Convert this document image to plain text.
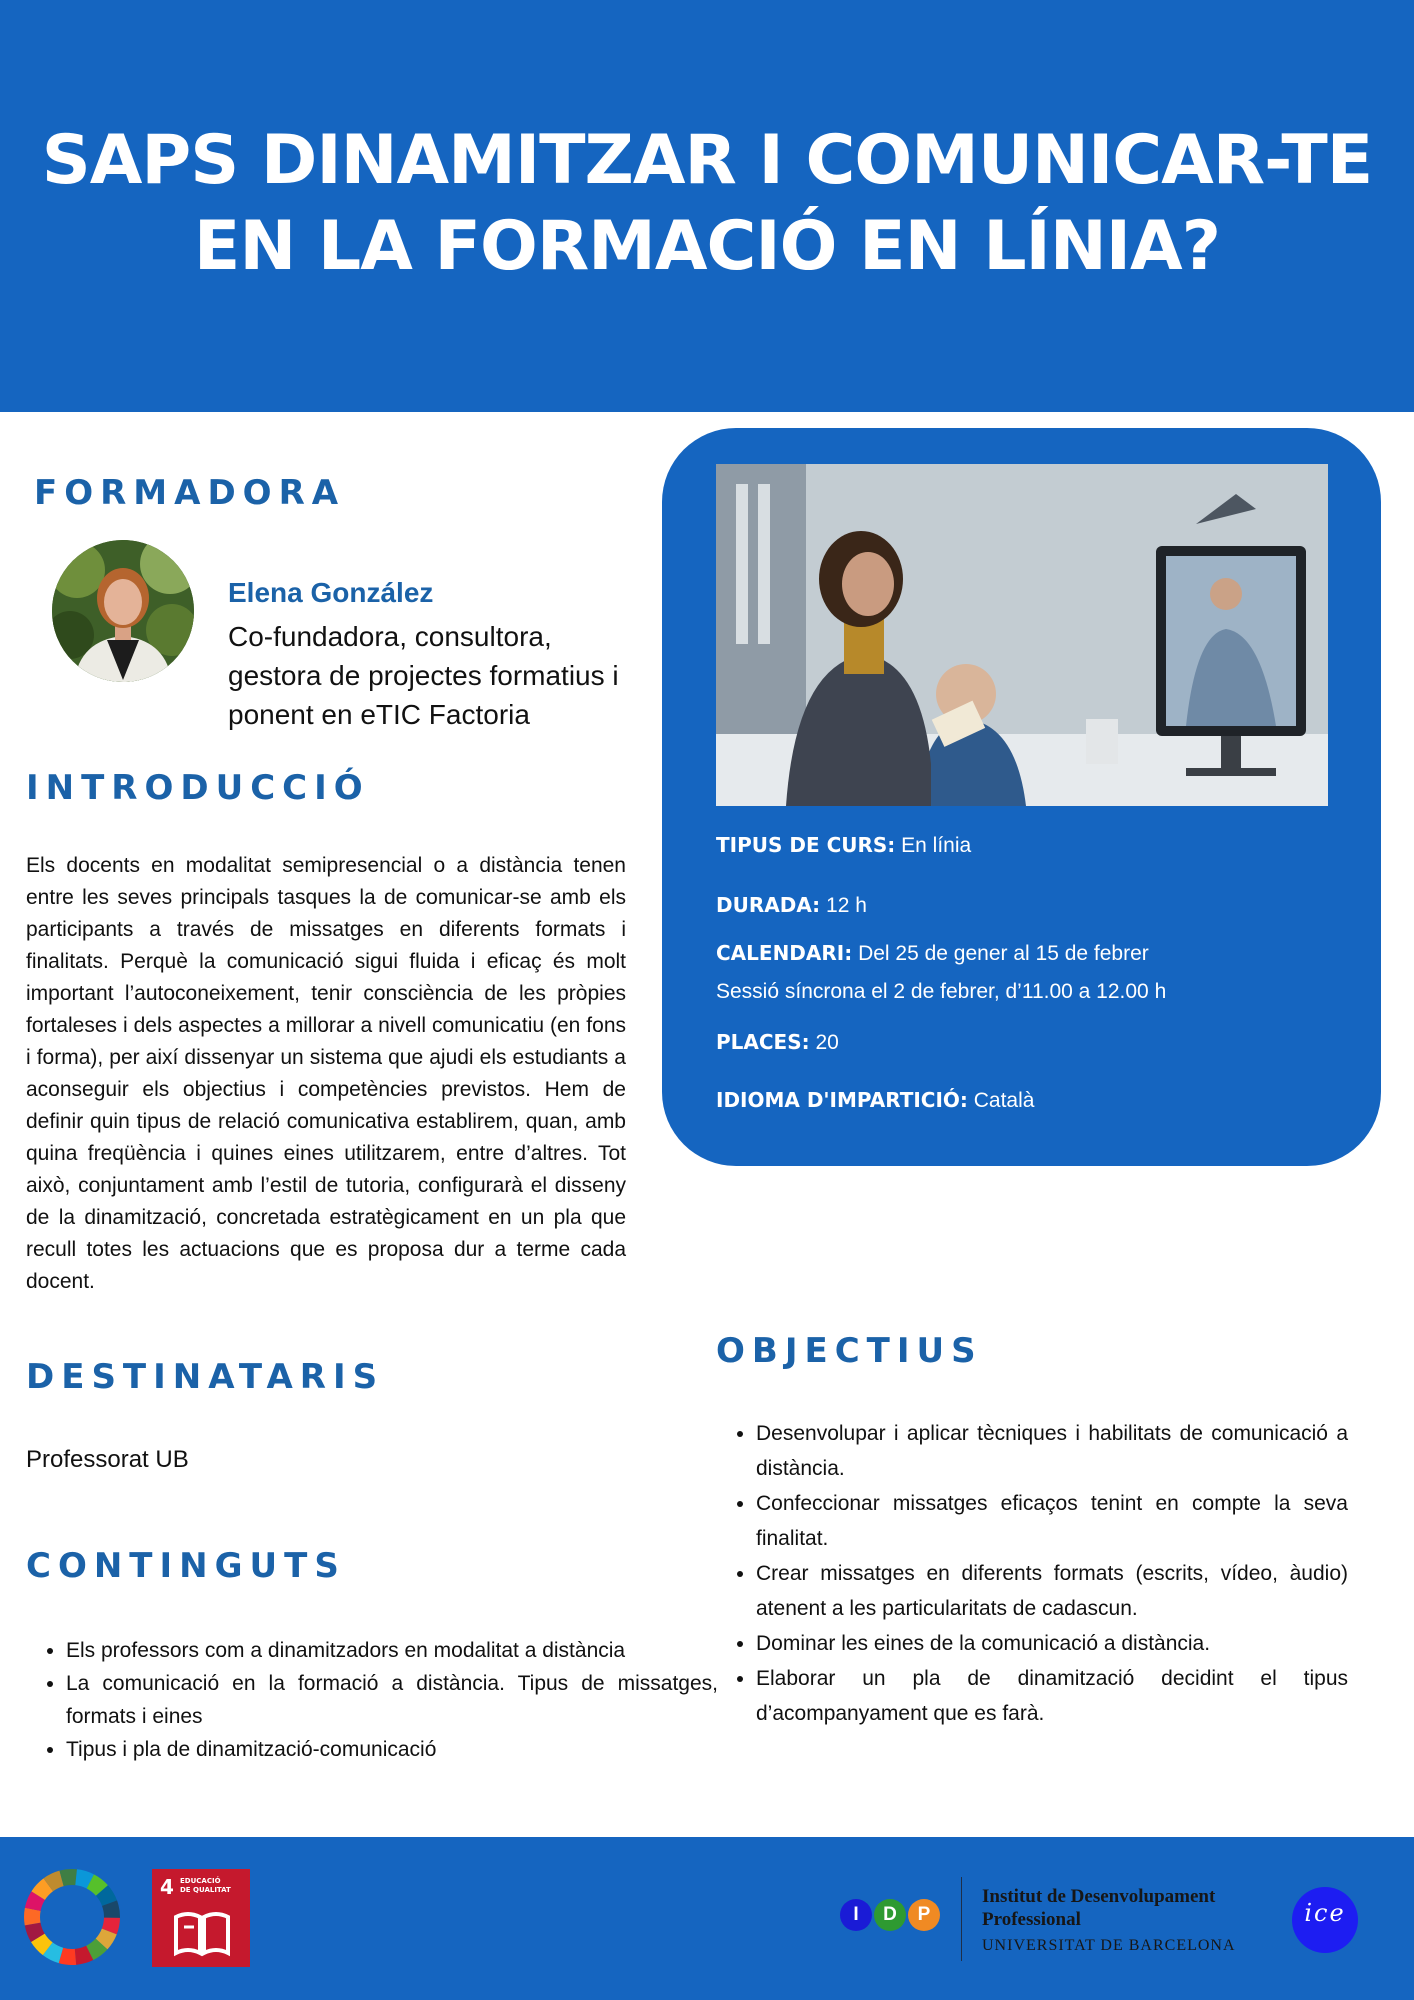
SAPS DINAMITZAR I COMUNICAR-TE
EN LA FORMACIÓ EN LÍNIA?
FORMADORA
Elena González
Co-fundadora, consultora, gestora de projectes formatius i ponent en eTIC Factoria
INTRODUCCIÓ

Els docents en modalitat semipresencial o a distància tenen entre les seves principals tasques la de comunicar-se amb els participants a través de missatges en diferents formats i finalitats. Perquè la comunicació sigui fluida i eficaç és molt important l’autoconeixement, tenir consciència de les pròpies fortaleses i dels aspectes a millorar a nivell comunicatiu (en fons i forma), per així dissenyar un sistema que ajudi els estudiants a aconseguir els objectius i competències previstos. Hem de definir quin tipus de relació comunicativa establirem, quan, amb quina freqüència i quines eines utilitzarem, entre d’altres. Tot això, conjuntament amb l’estil de tutoria, configurarà el disseny de la dinamització, concretada estratègicament en un pla que recull totes les actuacions que es proposa dur a terme cada docent.

DESTINATARIS
Professorat UB
CONTINGUTS
• Els professors com a dinamitzadors en modalitat a distància
• La comunicació en la formació a distància. Tipus de missatges, formats i eines
• Tipus i pla de dinamització-comunicació
TIPUS DE CURS: En línia
DURADA: 12 h
CALENDARI: Del 25 de gener al 15 de febrer
Sessió síncrona el 2 de febrer, d’11.00 a 12.00 h
PLACES: 20
IDIOMA D'IMPARTICIÓ: Català
OBJECTIUS
• Desenvolupar i aplicar tècniques i habilitats de comunicació a distància.
• Confeccionar missatges eficaços tenint en compte la seva finalitat.
• Crear missatges en diferents formats (escrits, vídeo, àudio) atenent a les particularitats de cadascun.
• Dominar les eines de la comunicació a distància.
• Elaborar un pla de dinamització decidint el tipus d’acompanyament que es farà.
4 EDUCACIÓ
DE QUALITAT
I	D	P
Institut de Desenvolupament
Professional
UNIVERSITAT DE BARCELONA
ice
